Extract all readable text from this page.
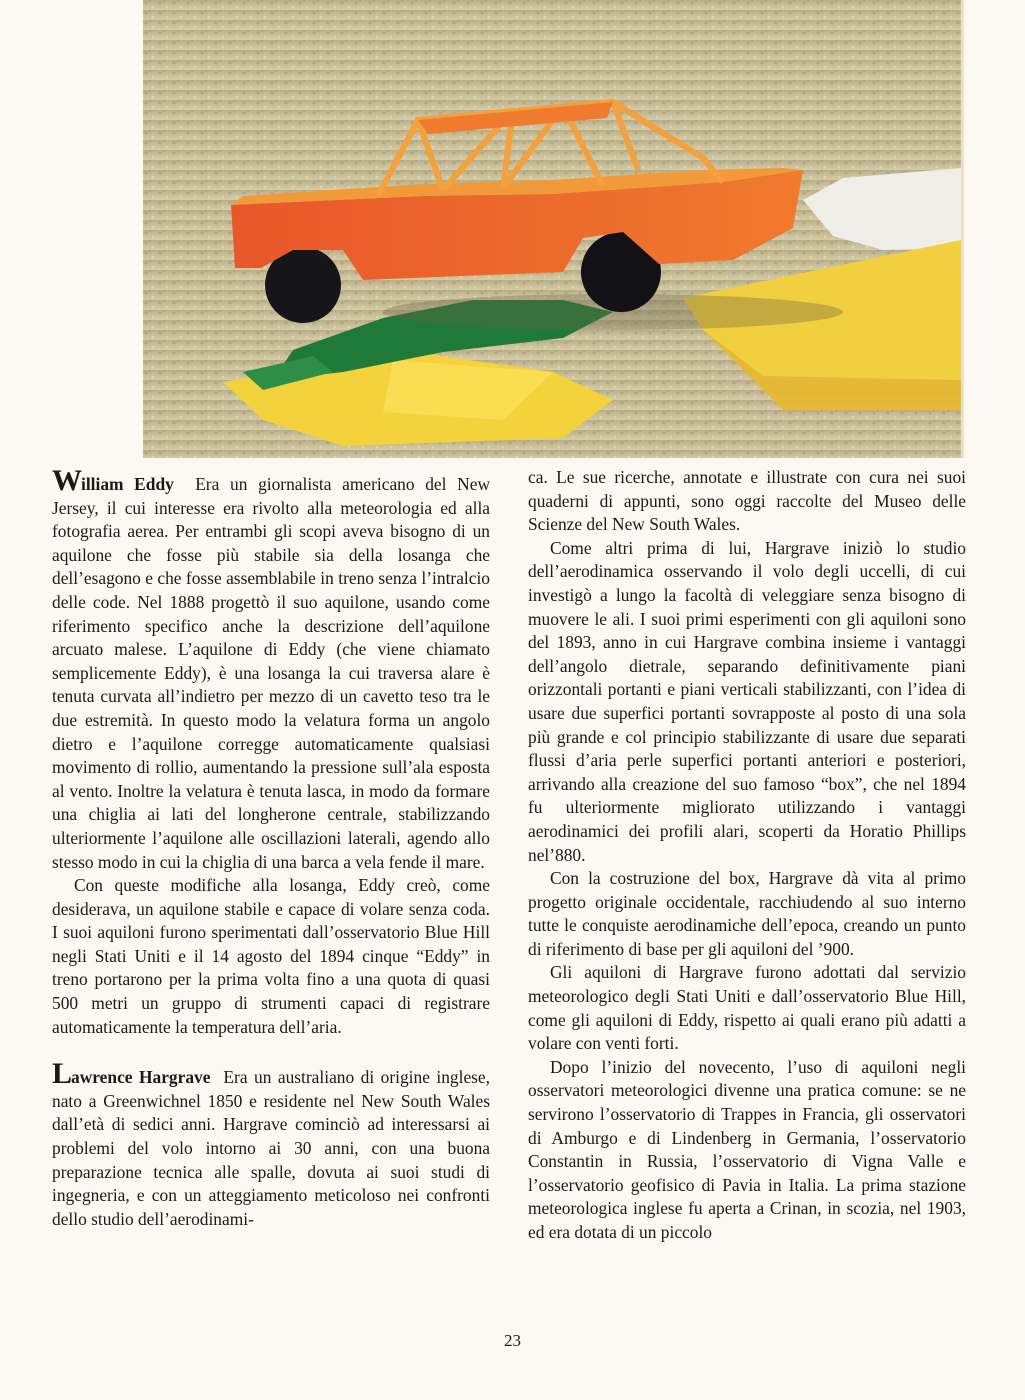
William Eddy Era un giornalista americano del New Jersey, il cui interesse era rivolto alla meteorologia ed alla fotografia aerea. Per entrambi gli scopi aveva bisogno di un aquilone che fosse più stabile sia della losanga che dell’esagono e che fosse assemblabile in treno senza l’intralcio delle code. Nel 1888 progettò il suo aquilone, usando come riferimento specifico anche la descrizione dell’aquilone arcuato malese. L’aquilone di Eddy (che viene chiamato semplicemente Eddy), è una losanga la cui traversa alare è tenuta curvata all’indietro per mezzo di un cavetto teso tra le due estremità. In questo modo la velatura forma un angolo dietro e l’aquilone corregge automaticamente qualsiasi movimento di rollio, aumentando la pressione sull’ala esposta al vento. Inoltre la velatura è tenuta lasca, in modo da formare una chiglia ai lati del longherone centrale, stabilizzando ulteriormente l’aquilone alle oscillazioni laterali, agendo allo stesso modo in cui la chiglia di una barca a vela fende il mare.

Con queste modifiche alla losanga, Eddy creò, come desiderava, un aquilone stabile e capace di volare senza coda. I suoi aquiloni furono sperimentati dall’osservatorio Blue Hill negli Stati Uniti e il 14 agosto del 1894 cinque “Eddy” in treno portarono per la prima volta fino a una quota di quasi 500 metri un gruppo di strumenti capaci di registrare automaticamente la temperatura dell’aria.

Lawrence Hargrave Era un australiano di origine inglese, nato a Greenwichnel 1850 e residente nel New South Wales dall’età di sedici anni. Hargrave cominciò ad interessarsi ai problemi del volo intorno ai 30 anni, con una buona preparazione tecnica alle spalle, dovuta ai suoi studi di ingegneria, e con un atteggiamento meticoloso nei confronti dello studio dell’aerodinami-

ca. Le sue ricerche, annotate e illustrate con cura nei suoi quaderni di appunti, sono oggi raccolte del Museo delle Scienze del New South Wales.

Come altri prima di lui, Hargrave iniziò lo studio dell’aerodinamica osservando il volo degli uccelli, di cui investigò a lungo la facoltà di veleggiare senza bisogno di muovere le ali. I suoi primi esperimenti con gli aquiloni sono del 1893, anno in cui Hargrave combina insieme i vantaggi dell’angolo dietrale, separando definitivamente piani orizzontali portanti e piani verticali stabilizzanti, con l’idea di usare due superfici portanti sovrapposte al posto di una sola più grande e col principio stabilizzante di usare due separati flussi d’aria perle superfici portanti anteriori e posteriori, arrivando alla creazione del suo famoso “box”, che nel 1894 fu ulteriormente migliorato utilizzando i vantaggi aerodinamici dei profili alari, scoperti da Horatio Phillips nel’880.

Con la costruzione del box, Hargrave dà vita al primo progetto originale occidentale, racchiudendo al suo interno tutte le conquiste aerodinamiche dell’epoca, creando un punto di riferimento di base per gli aquiloni del ’900.

Gli aquiloni di Hargrave furono adottati dal servizio meteorologico degli Stati Uniti e dall’osservatorio Blue Hill, come gli aquiloni di Eddy, rispetto ai quali erano più adatti a volare con venti forti.

Dopo l’inizio del novecento, l’uso di aquiloni negli osservatori meteorologici divenne una pratica comune: se ne servirono l’osservatorio di Trappes in Francia, gli osservatori di Amburgo e di Lindenberg in Germania, l’osservatorio Constantin in Russia, l’osservatorio di Vigna Valle e l’osservatorio geofisico di Pavia in Italia. La prima stazione meteorologica inglese fu aperta a Crinan, in scozia, nel 1903, ed era dotata di un piccolo

23
